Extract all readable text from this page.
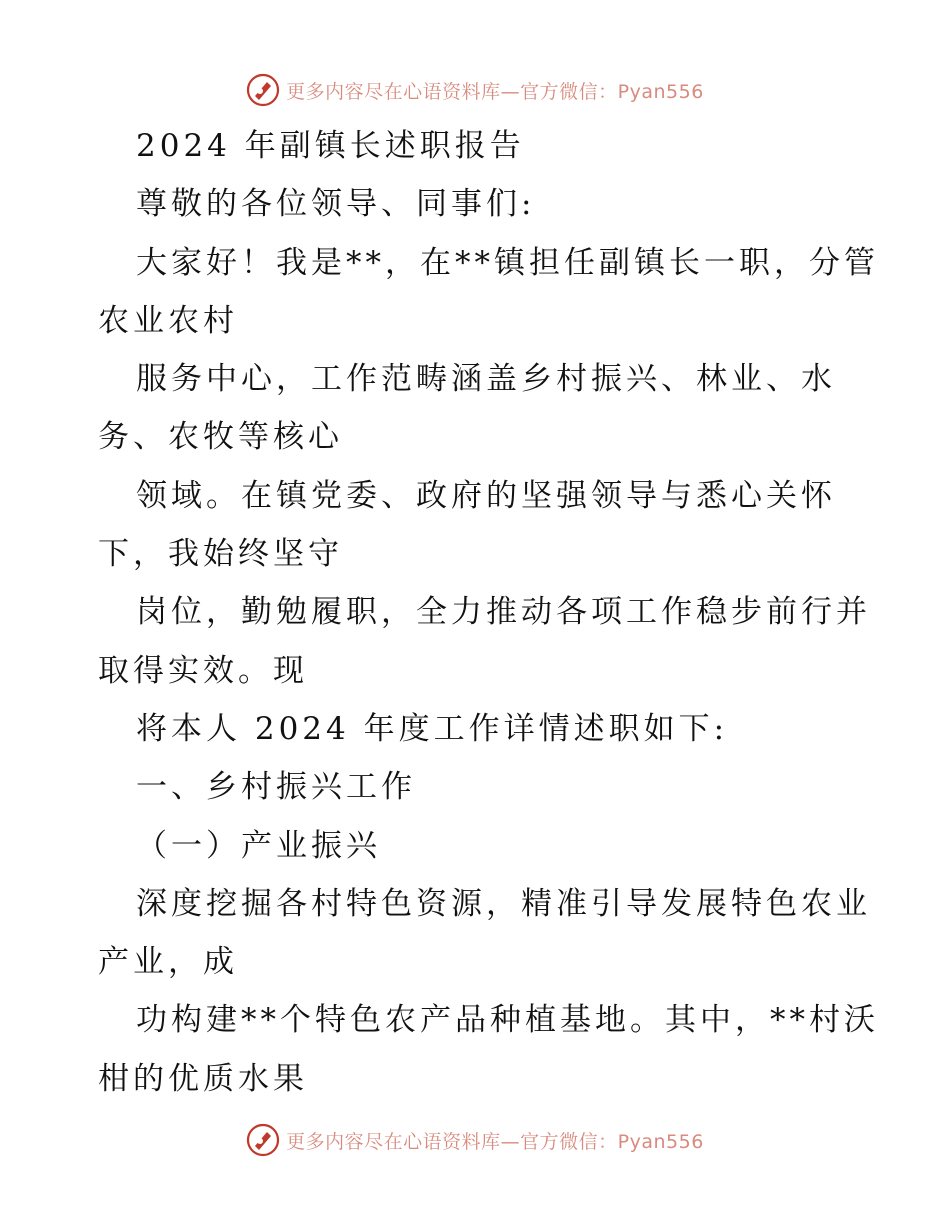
更多内容尽在心语资料库—官方微信：Pyan556
2024 年副镇长述职报告
尊敬的各位领导、同事们:
大家好！我是**，在**镇担任副镇长一职，分管
农业农村
服务中心，工作范畴涵盖乡村振兴、林业、水
务、农牧等核心
领域。在镇党委、政府的坚强领导与悉心关怀
下，我始终坚守
岗位，勤勉履职，全力推动各项工作稳步前行并
取得实效。现
将本人 2024 年度工作详情述职如下:
一、乡村振兴工作
（一）产业振兴
深度挖掘各村特色资源，精准引导发展特色农业
产业，成
功构建**个特色农产品种植基地。其中，**村沃
柑的优质水果
更多内容尽在心语资料库—官方微信：Pyan556
